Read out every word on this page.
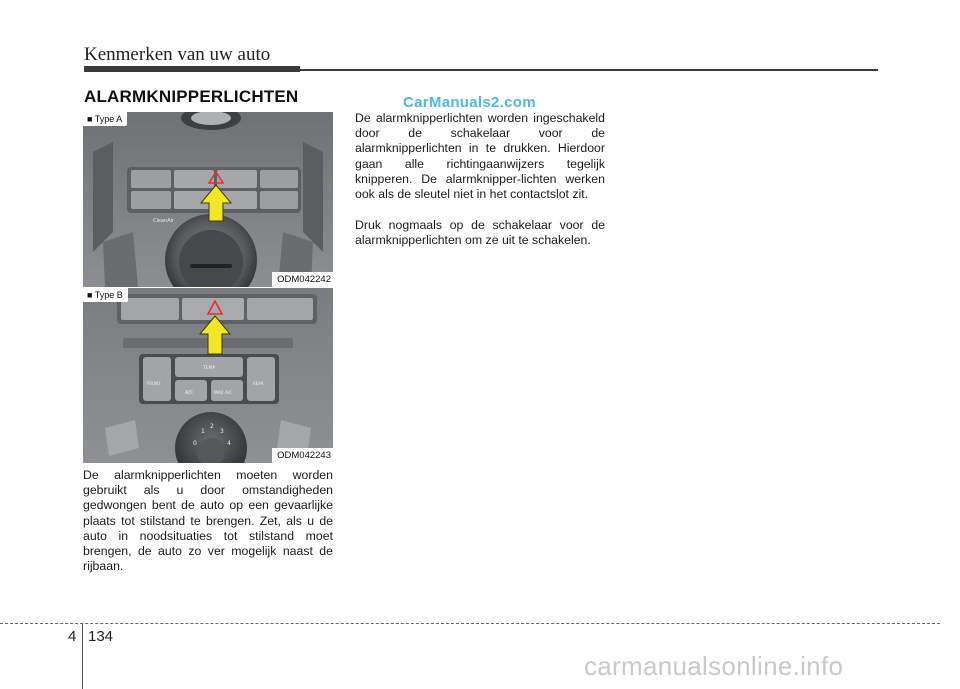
Kenmerken van uw auto
ALARMKNIPPERLICHTEN	CarManuals2.com
CleanAir
■ Type A
ODM042242
TEMP
A/C	MAX A/C
FRONT	REAR
1
2
3
4
0
■ Type B
ODM042243

De alarmknipperlichten moeten worden gebruikt als u door omstandigheden gedwongen bent de auto op een gevaarlijke plaats tot stilstand te brengen. Zet, als u de auto in noodsituaties tot stilstand moet brengen, de auto zo ver mogelijk naast de rijbaan.

De alarmknipperlichten worden ingeschakeld door de schakelaar voor de alarmknipperlichten in te drukken. Hierdoor gaan alle richtingaanwijzers tegelijk knipperen. De alarmknipper-lichten werken ook als de sleutel niet in het contactslot zit.

Druk nogmaals op de schakelaar voor de alarmknipperlichten om ze uit te schakelen.

4 134
carmanualsonline.info
